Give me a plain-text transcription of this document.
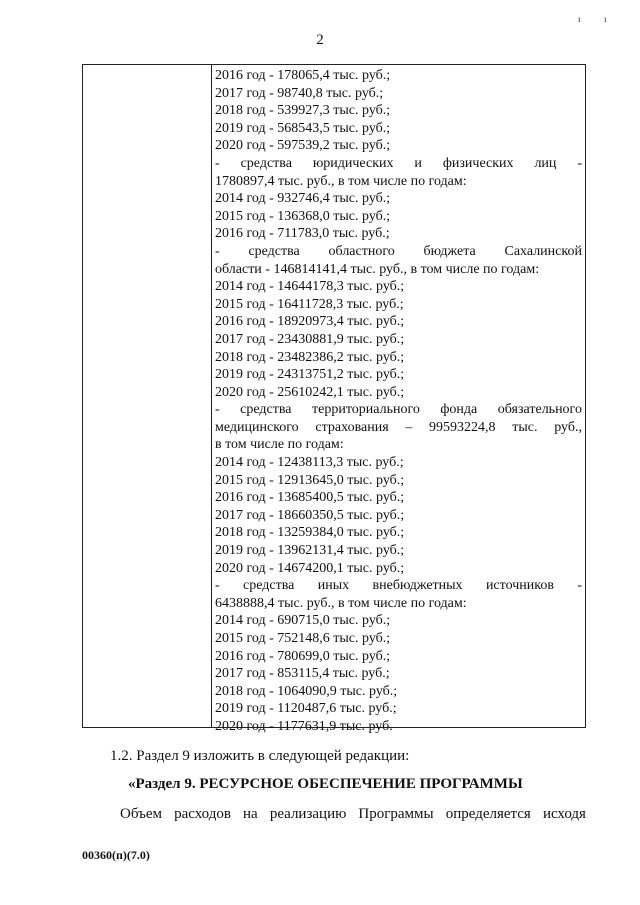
2
ı	ı
2016 год - 178065,4 тыс. руб.;
2017 год - 98740,8 тыс. руб.;
2018 год - 539927,3 тыс. руб.;
2019 год - 568543,5 тыс. руб.;
2020 год - 597539,2 тыс. руб.;
- средства юридических и физических лиц -
1780897,4 тыс. руб., в том числе по годам:
2014 год - 932746,4 тыс. руб.;
2015 год - 136368,0 тыс. руб.;
2016 год - 711783,0 тыс. руб.;
- средства областного бюджета Сахалинской
области - 146814141,4 тыс. руб., в том числе по годам:
2014 год - 14644178,3 тыс. руб.;
2015 год - 16411728,3 тыс. руб.;
2016 год - 18920973,4 тыс. руб.;
2017 год - 23430881,9 тыс. руб.;
2018 год - 23482386,2 тыс. руб.;
2019 год - 24313751,2 тыс. руб.;
2020 год - 25610242,1 тыс. руб.;
- средства территориального фонда обязательного
медицинского страхования – 99593224,8 тыс. руб.,
в том числе по годам:
2014 год - 12438113,3 тыс. руб.;
2015 год - 12913645,0 тыс. руб.;
2016 год - 13685400,5 тыс. руб.;
2017 год - 18660350,5 тыс. руб.;
2018 год - 13259384,0 тыс. руб.;
2019 год - 13962131,4 тыс. руб.;
2020 год - 14674200,1 тыс. руб.;
- средства иных внебюджетных источников -
6438888,4 тыс. руб., в том числе по годам:
2014 год - 690715,0 тыс. руб.;
2015 год - 752148,6 тыс. руб.;
2016 год - 780699,0 тыс. руб.;
2017 год - 853115,4 тыс. руб.;
2018 год - 1064090,9 тыс. руб.;
2019 год - 1120487,6 тыс. руб.;
2020 год - 1177631,9 тыс. руб.
1.2. Раздел 9 изложить в следующей редакции:
«Раздел 9. РЕСУРСНОЕ ОБЕСПЕЧЕНИЕ ПРОГРАММЫ
Объем расходов на реализацию Программы определяется исходя
00360(п)(7.0)
